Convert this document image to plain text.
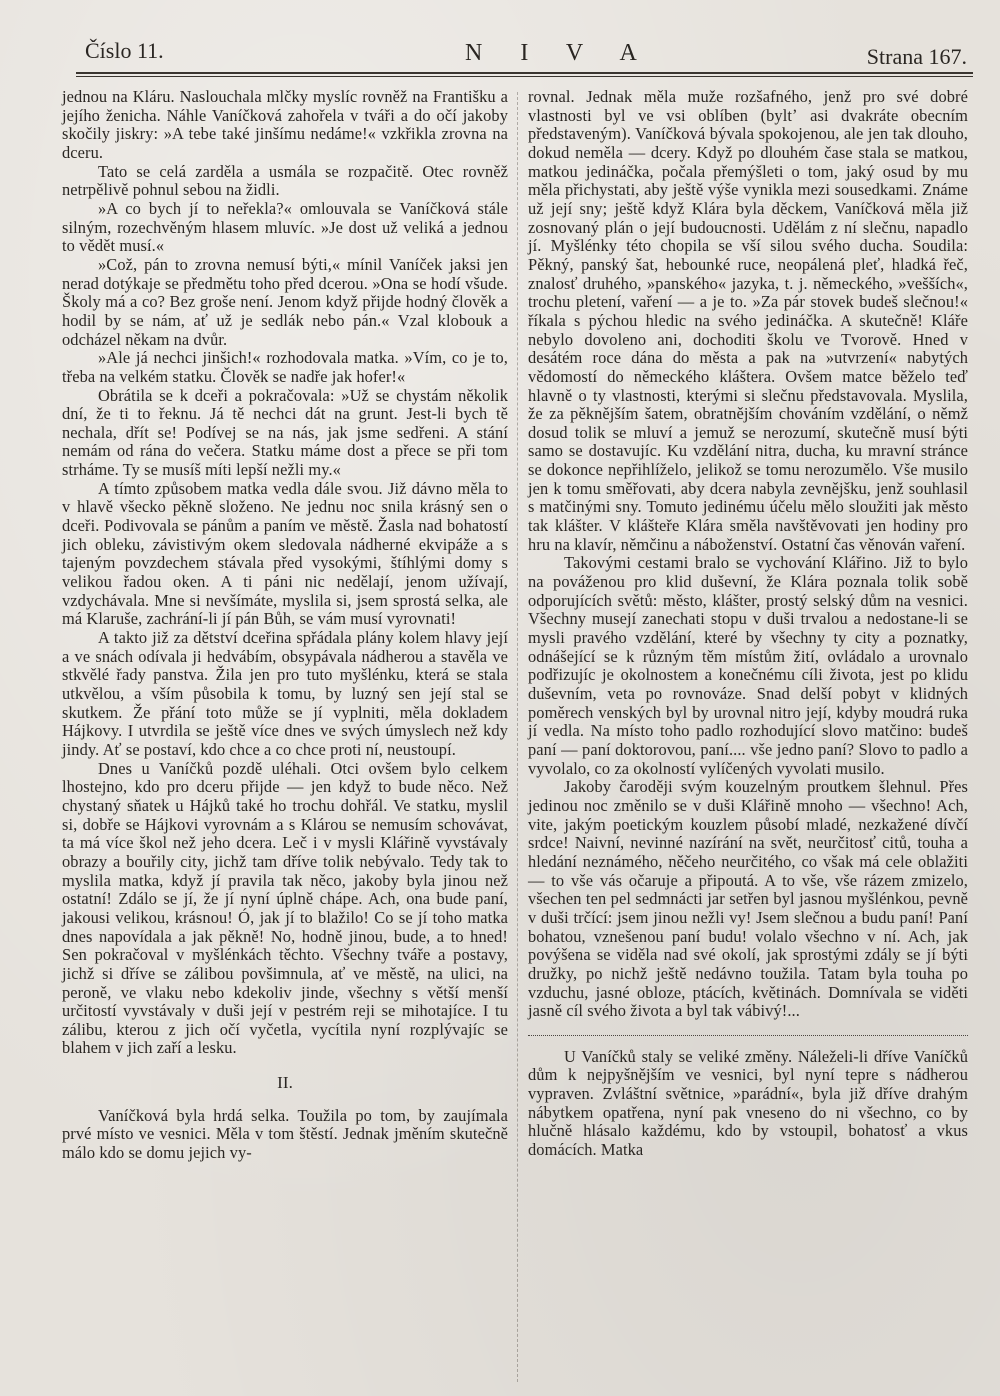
Číslo 11.	N I V A	Strana 167.

jednou na Kláru. Naslouchala mlčky myslíc rovněž na Františku a jejího ženicha. Náhle Vaníčková zahořela v tváři a do očí jakoby skočily jiskry: »A tebe také jinšímu nedáme!« vzkřikla zrovna na dceru.

Tato se celá zarděla a usmála se rozpačitě. Otec rovněž netrpělivě pohnul sebou na židli.

»A co bych jí to neřekla?« omlouvala se Vaníčková stále silným, rozechvěným hlasem mluvíc. »Je dost už veliká a jednou to vědět musí.«

»Což, pán to zrovna nemusí býti,« mínil Vaníček jaksi jen nerad dotýkaje se předmětu toho před dcerou. »Ona se hodí všude. Školy má a co? Bez groše není. Jenom když přijde hodný člověk a hodil by se nám, ať už je sedlák nebo pán.« Vzal klobouk a odcházel někam na dvůr.

»Ale já nechci jinšich!« rozhodovala matka. »Vím, co je to, třeba na velkém statku. Člověk se nadře jak hofer!«

Obrátila se k dceři a pokračovala: »Už se chystám několik dní, že ti to řeknu. Já tě nechci dát na grunt. Jest-li bych tě nechala, dřít se! Podívej se na nás, jak jsme sedřeni. A stání nemám od rána do večera. Statku máme dost a přece se při tom strháme. Ty se musíš míti lepší nežli my.«

A tímto způsobem matka vedla dále svou. Již dávno měla to v hlavě všecko pěkně složeno. Ne jednu noc snila krásný sen o dceři. Podivovala se pánům a paním ve městě. Žasla nad bohatostí jich obleku, závistivým okem sledovala nádherné ekvipáže a s tajeným povzdechem stávala před vysokými, štíhlými domy s velikou řadou oken. A ti páni nic nedělají, jenom užívají, vzdychávala. Mne si nevšímáte, myslila si, jsem sprostá selka, ale má Klaruše, zachrání-li jí pán Bůh, se vám musí vyrovnati!

A takto již za dětství dceřina spřádala plány kolem hlavy její a ve snách odívala ji hedvábím, obsypávala nádherou a stavěla ve stkvělé řady panstva. Žila jen pro tuto myšlénku, která se stala utkvělou, a vším působila k tomu, by luzný sen její stal se skutkem. Že přání toto může se jí vyplniti, měla dokladem Hájkovy. I utvrdila se ještě více dnes ve svých úmyslech než kdy jindy. Ať se postaví, kdo chce a co chce proti ní, neustoupí.

Dnes u Vaníčků pozdě uléhali. Otci ovšem bylo celkem lhostejno, kdo pro dceru přijde — jen když to bude něco. Než chystaný sňatek u Hájků také ho trochu dohřál. Ve statku, myslil si, dobře se Hájkovi vyrovnám a s Klárou se nemusím schovávat, ta má více škol než jeho dcera. Leč i v mysli Klářině vyvstávaly obrazy a bouřily city, jichž tam dříve tolik nebývalo. Tedy tak to myslila matka, když jí pravila tak něco, jakoby byla jinou než ostatní! Zdálo se jí, že jí nyní úplně chápe. Ach, ona bude paní, jakousi velikou, krásnou! Ó, jak jí to blažilo! Co se jí toho matka dnes napovídala a jak pěkně! No, hodně jinou, bude, a to hned! Sen pokračoval v myšlénkách těchto. Všechny tváře a postavy, jichž si dříve se zálibou povšimnula, ať ve městě, na ulici, na peroně, ve vlaku nebo kdekoliv jinde, všechny s větší menší určitostí vyvstávaly v duši její v pestrém reji se mihotajíce. I tu zálibu, kterou z jich očí vyčetla, vycítila nyní rozplývajíc se blahem v jich zaří a lesku.

II.

Vaníčková byla hrdá selka. Toužila po tom, by zaujímala prvé místo ve vesnici. Měla v tom štěstí. Jednak jměním skutečně málo kdo se domu jejich vy-

rovnal. Jednak měla muže rozšafného, jenž pro své dobré vlastnosti byl ve vsi oblíben (byltʼ asi dvakráte obecním představeným). Vaníčková bývala spokojenou, ale jen tak dlouho, dokud neměla — dcery. Když po dlouhém čase stala se matkou, matkou jedináčka, počala přemýšleti o tom, jaký osud by mu měla přichystati, aby ještě výše vynikla mezi sousedkami. Známe už její sny; ještě když Klára byla děckem, Vaníčková měla již zosnovaný plán o její budoucnosti. Udělám z ní slečnu, napadlo jí. Myšlénky této chopila se vší silou svého ducha. Soudila: Pěkný, panský šat, hebounké ruce, neopálená pleť, hladká řeč, znalosť druhého, »panského« jazyka, t. j. německého, »vešších«, trochu pletení, vaření — a je to. »Za pár stovek budeš slečnou!« říkala s pýchou hledic na svého jedináčka. A skutečně! Kláře nebylo dovoleno ani, dochoditi školu ve Tvorově. Hned v desátém roce dána do města a pak na »utvrzení« nabytých vědomostí do německého kláštera. Ovšem matce běželo teď hlavně o ty vlastnosti, kterými si slečnu představovala. Myslila, že za pěknějším šatem, obratnějším chováním vzdělání, o němž dosud tolik se mluví a jemuž se nerozumí, skutečně musí býti samo se dostavujíc. Ku vzdělání nitra, ducha, ku mravní stránce se dokonce nepřihlíželo, jelikož se tomu nerozumělo. Vše musilo jen k tomu směřovati, aby dcera nabyla zevnějšku, jenž souhlasil s matčinými sny. Tomuto jedinému účelu mělo sloužiti jak město tak klášter. V klášteře Klára směla navštěvovati jen hodiny pro hru na klavír, němčinu a náboženství. Ostatní čas věnován vaření.

Takovými cestami bralo se vychování Klářino. Již to bylo na pováženou pro klid duševní, že Klára poznala tolik sobě odporujících světů: město, klášter, prostý selský dům na vesnici. Všechny musejí zanechati stopu v duši trvalou a nedostane-li se mysli pravého vzdělání, které by všechny ty city a poznatky, odnášející se k různým těm místům žití, ovládalo a urovnalo podřizujíc je okolnostem a konečnému cíli života, jest po klidu duševním, veta po rovnováze. Snad delší pobyt v klidných poměrech venských byl by urovnal nitro její, kdyby moudrá ruka jí vedla. Na místo toho padlo rozhodující slovo matčino: budeš paní — paní doktorovou, paní.... vše jedno paní? Slovo to padlo a vyvolalo, co za okolností vylíčených vyvolati musilo.

Jakoby čaroději svým kouzelným proutkem šlehnul. Přes jedinou noc změnilo se v duši Klářině mnoho — všechno! Ach, vite, jakým poetickým kouzlem působí mladé, nezkažené dívčí srdce! Naivní, nevinné nazírání na svět, neurčitosť citů, touha a hledání neznámého, něčeho neurčitého, co však má cele oblažiti — to vše vás očaruje a připoutá. A to vše, vše rázem zmizelo, všechen ten pel sedmnácti jar setřen byl jasnou myšlénkou, pevně v duši trčící: jsem jinou nežli vy! Jsem slečnou a budu paní! Paní bohatou, vznešenou paní budu! volalo všechno v ní. Ach, jak povýšena se viděla nad své okolí, jak sprostými zdály se jí býti družky, po nichž ještě nedávno toužila. Tatam byla touha po vzduchu, jasné obloze, ptácích, květinách. Domnívala se viděti jasně cíl svého života a byl tak vábivý!...

U Vaníčků staly se veliké změny. Náleželi-li dříve Vaníčků dům k nejpyšnějším ve vesnici, byl nyní tepre s nádherou vypraven. Zvláštní světnice, »parádní«, byla již dříve drahým nábytkem opatřena, nyní pak vneseno do ni všechno, co by hlučně hlásalo každému, kdo by vstoupil, bohatosť a vkus domácích. Matka
